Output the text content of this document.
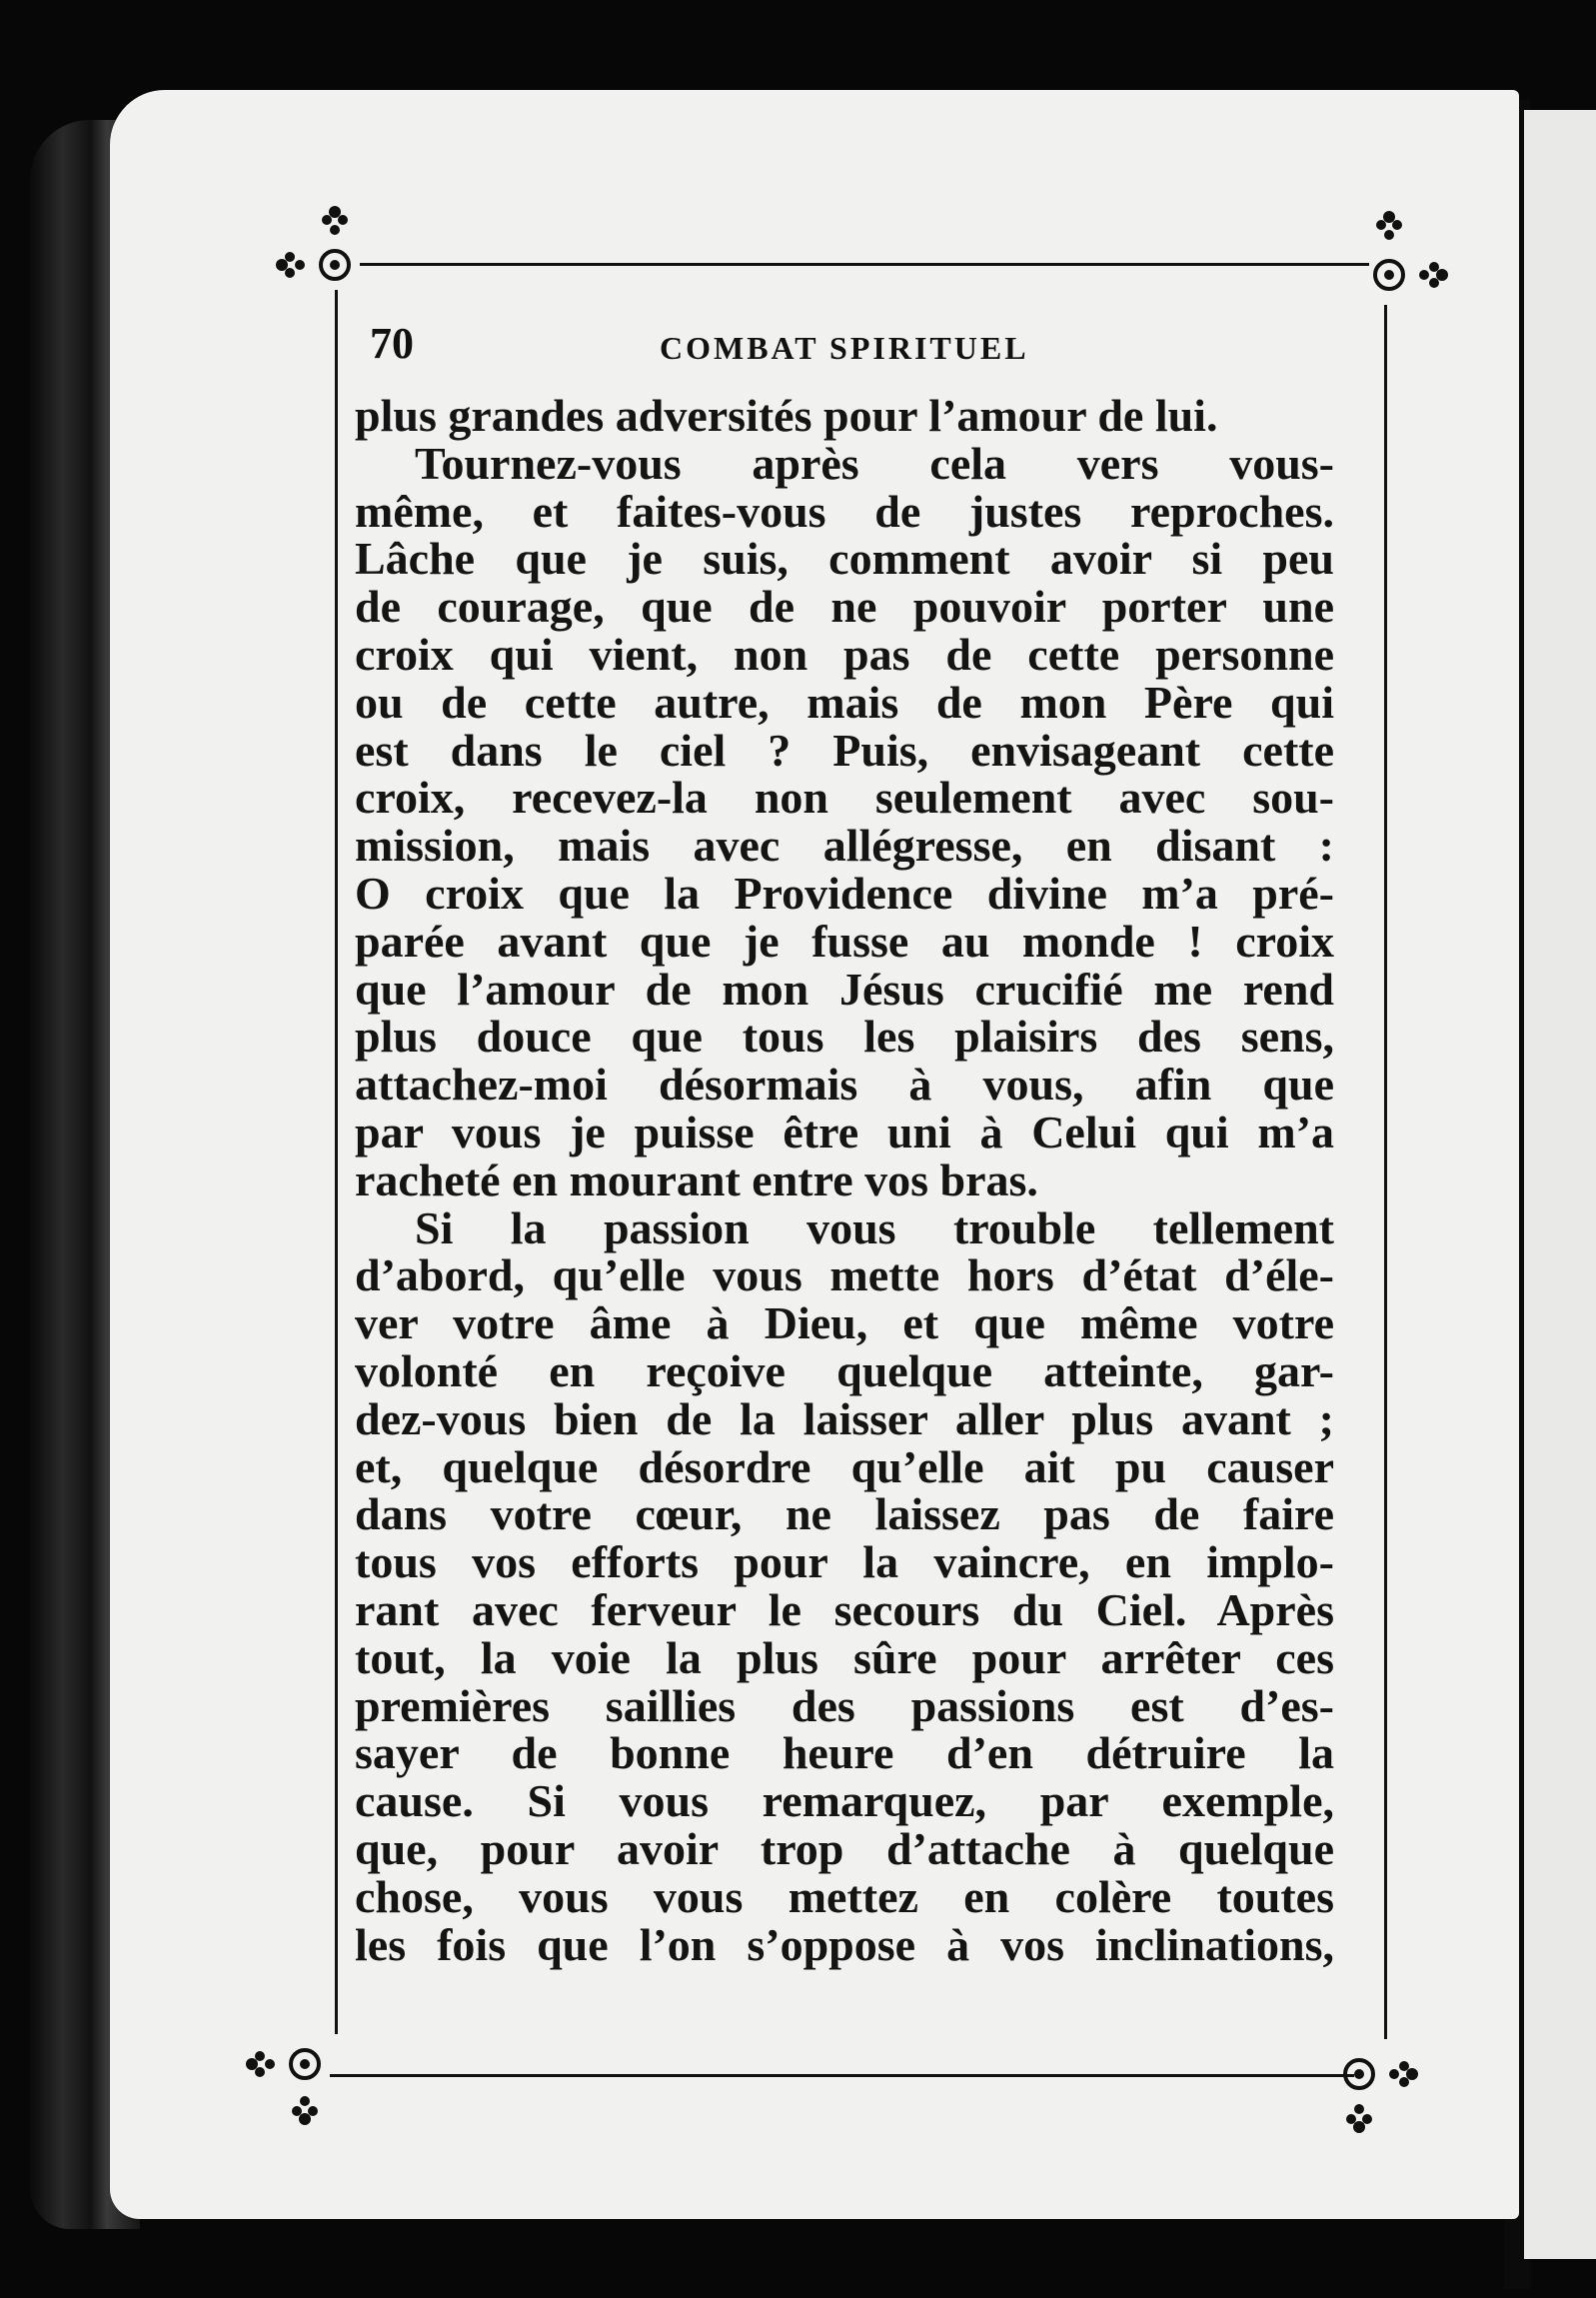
70	COMBAT SPIRITUEL

plus grandes adversités pour l’amour de lui.

Tournez-vous après cela vers vous-

même, et faites-vous de justes reproches.

Lâche que je suis, comment avoir si peu

de courage, que de ne pouvoir porter une

croix qui vient, non pas de cette personne

ou de cette autre, mais de mon Père qui

est dans le ciel ? Puis, envisageant cette

croix, recevez-la non seulement avec sou-

mission, mais avec allégresse, en disant :

O croix que la Providence divine m’a pré-

parée avant que je fusse au monde ! croix

que l’amour de mon Jésus crucifié me rend

plus douce que tous les plaisirs des sens,

attachez-moi désormais à vous, afin que

par vous je puisse être uni à Celui qui m’a

racheté en mourant entre vos bras.

Si la passion vous trouble tellement

d’abord, qu’elle vous mette hors d’état d’éle-

ver votre âme à Dieu, et que même votre

volonté en reçoive quelque atteinte, gar-

dez-vous bien de la laisser aller plus avant ;

et, quelque désordre qu’elle ait pu causer

dans votre cœur, ne laissez pas de faire

tous vos efforts pour la vaincre, en implo-

rant avec ferveur le secours du Ciel. Après

tout, la voie la plus sûre pour arrêter ces

premières saillies des passions est d’es-

sayer de bonne heure d’en détruire la

cause. Si vous remarquez, par exemple,

que, pour avoir trop d’attache à quelque

chose, vous vous mettez en colère toutes

les fois que l’on s’oppose à vos inclinations,
